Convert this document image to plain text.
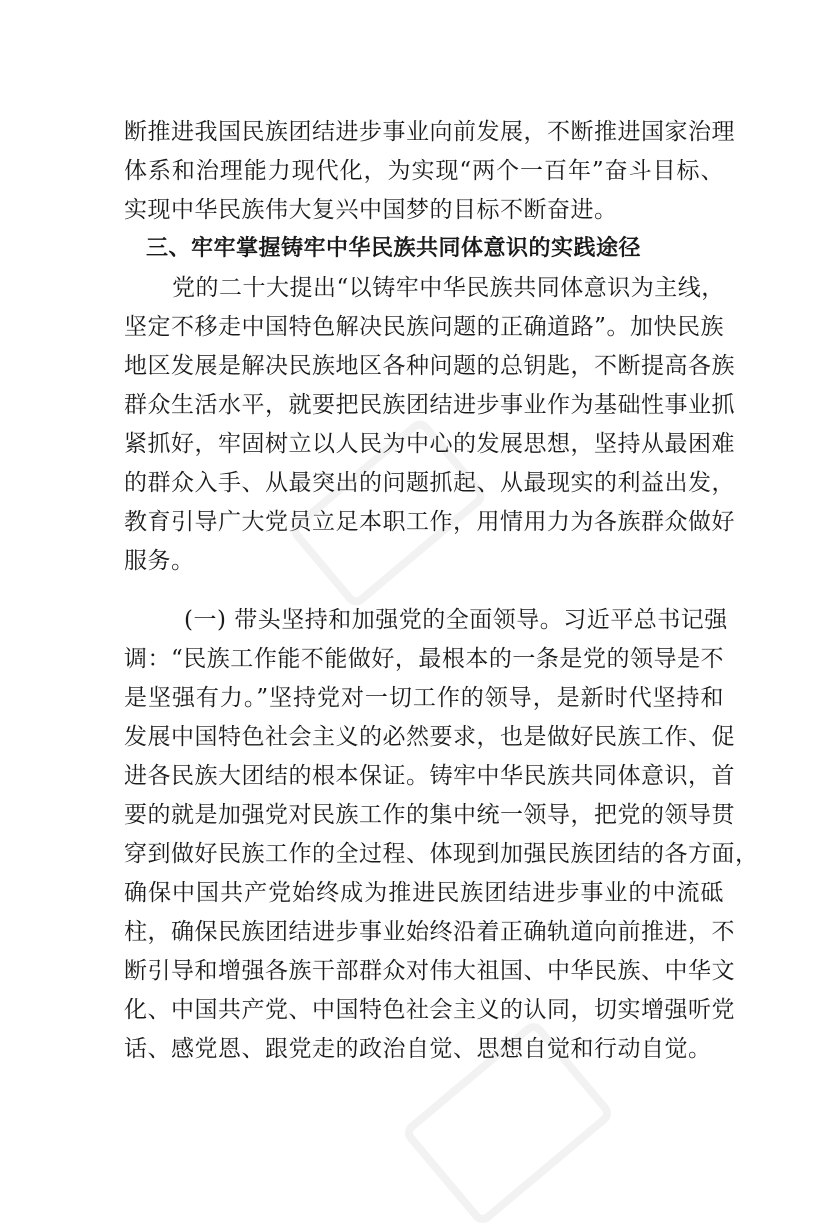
断推进我国民族团结进步事业向前发展，不断推进国家治理
体系和治理能力现代化，为实现“两个一百年”奋斗目标、
实现中华民族伟大复兴中国梦的目标不断奋进。
三、牢牢掌握铸牢中华民族共同体意识的实践途径
党的二十大提出“以铸牢中华民族共同体意识为主线，
坚定不移走中国特色解决民族问题的正确道路”。加快民族
地区发展是解决民族地区各种问题的总钥匙，不断提高各族
群众生活水平，就要把民族团结进步事业作为基础性事业抓
紧抓好，牢固树立以人民为中心的发展思想，坚持从最困难
的群众入手、从最突出的问题抓起、从最现实的利益出发，
教育引导广大党员立足本职工作，用情用力为各族群众做好
服务。
(一) 带头坚持和加强党的全面领导。习近平总书记强
调：“民族工作能不能做好，最根本的一条是党的领导是不
是坚强有力。”坚持党对一切工作的领导，是新时代坚持和
发展中国特色社会主义的必然要求，也是做好民族工作、促
进各民族大团结的根本保证。铸牢中华民族共同体意识，首
要的就是加强党对民族工作的集中统一领导，把党的领导贯
穿到做好民族工作的全过程、体现到加强民族团结的各方面，
确保中国共产党始终成为推进民族团结进步事业的中流砥
柱，确保民族团结进步事业始终沿着正确轨道向前推进，不
断引导和增强各族干部群众对伟大祖国、中华民族、中华文
化、中国共产党、中国特色社会主义的认同，切实增强听党
话、感党恩、跟党走的政治自觉、思想自觉和行动自觉。
